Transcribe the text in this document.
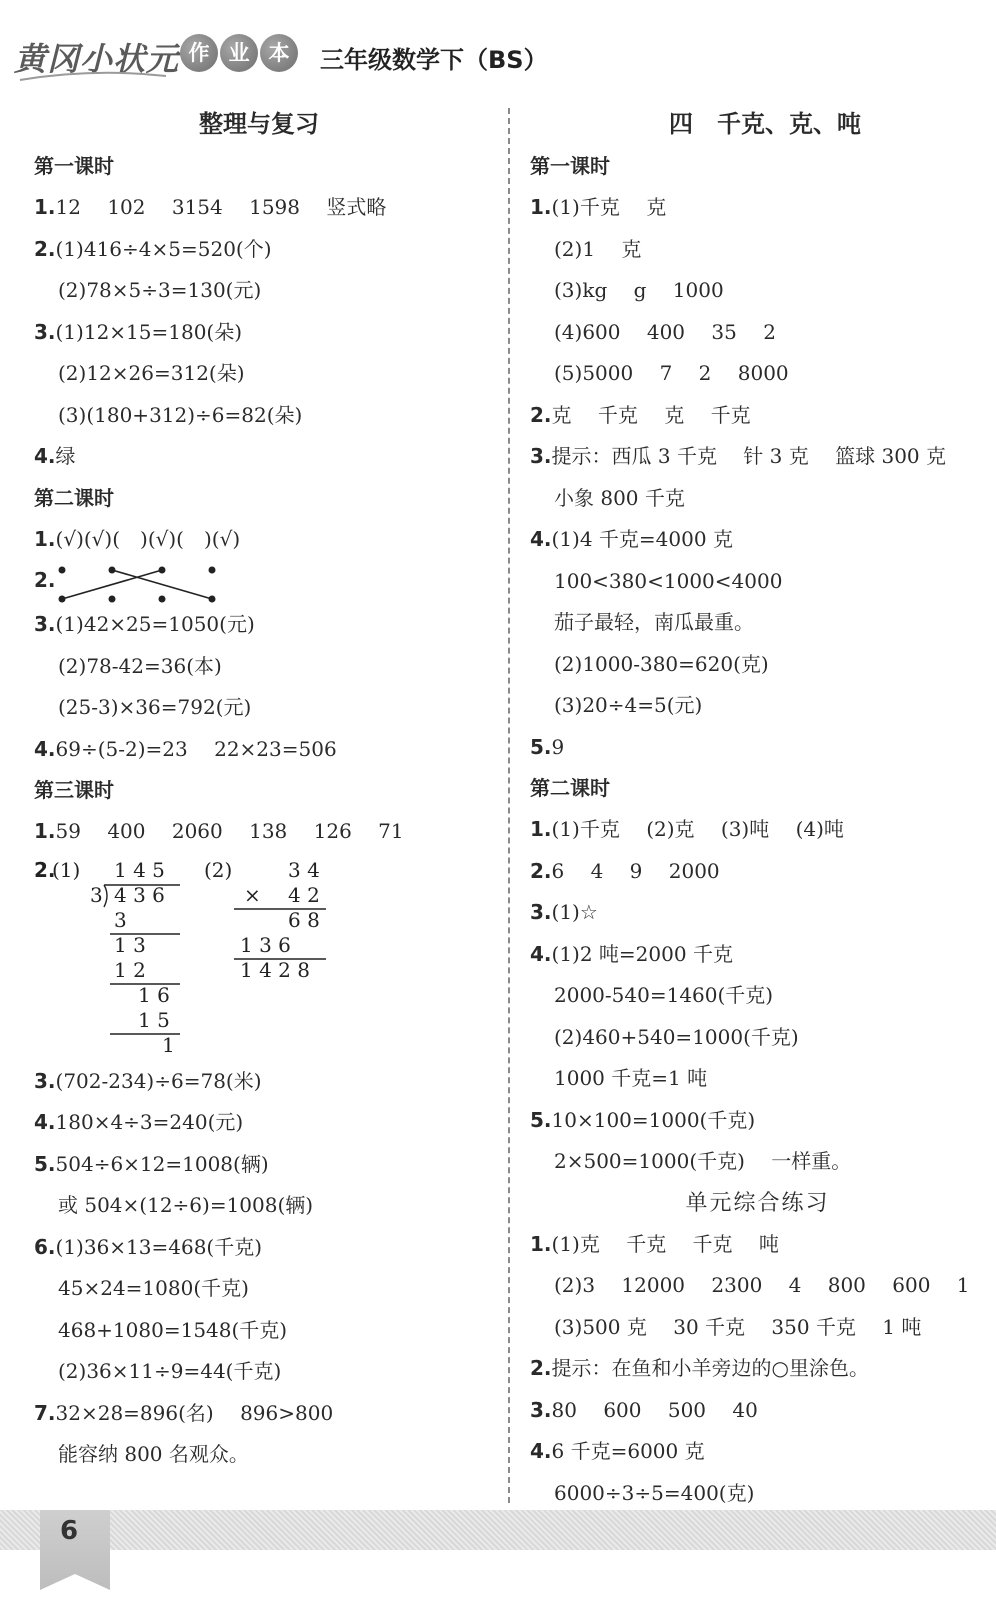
黄冈小状元 作 业 本	三年级数学下（BS）
整理与复习
第一课时
1.12　 102　 3154　 1598　 竖式略
2.(1)416÷4×5=520(个)
(2)78×5÷3=130(元)
3.(1)12×15=180(朵)
(2)12×26=312(朵)
(3)(180+312)÷6=82(朵)
4.绿
第二课时
1.(√)(√)(　)(√)(　)(√)
2.
3.(1)42×25=1050(元)
(2)78-42=36(本)
(25-3)×36=792(元)
4.69÷(5-2)=23　 22×23=506
第三课时
1.59　 400　 2060　 138　 126　 71
2.
(1) 1 4 5
3 4 3 6
3
1 3
1 2
1 6
1 5
1
(2)	3 4
× 4 2
6 8
1 3 6
1 4 2 8
3.(702-234)÷6=78(米)
4.180×4÷3=240(元)
5.504÷6×12=1008(辆)
或 504×(12÷6)=1008(辆)
6.(1)36×13=468(千克)
45×24=1080(千克)
468+1080=1548(千克)
(2)36×11÷9=44(千克)
7.32×28=896(名)　 896>800
能容纳 800 名观众。
四　千克、克、吨
第一课时
1.(1)千克　 克
(2)1　 克
(3)kg　 g　 1000
(4)600　 400　 35　 2
(5)5000　 7　 2　 8000
2.克　 千克　 克　 千克
3.提示：西瓜 3 千克　 针 3 克　 篮球 300 克
小象 800 千克
4.(1)4 千克=4000 克
100<380<1000<4000
茄子最轻，南瓜最重。
(2)1000-380=620(克)
(3)20÷4=5(元)
5.9
第二课时
1.(1)千克　 (2)克　 (3)吨　 (4)吨
2.6　 4　 9　 2000
3.(1)☆
4.(1)2 吨=2000 千克
2000-540=1460(千克)
(2)460+540=1000(千克)
1000 千克=1 吨
5.10×100=1000(千克)
2×500=1000(千克)　 一样重。
单元综合练习
1.(1)克　 千克　 千克　 吨
(2)3　 12000　 2300　 4　 800　 600　 1
(3)500 克　 30 千克　 350 千克　 1 吨
2.提示：在鱼和小羊旁边的○里涂色。
3.80　 600　 500　 40
4.6 千克=6000 克
6000÷3÷5=400(克)
6
